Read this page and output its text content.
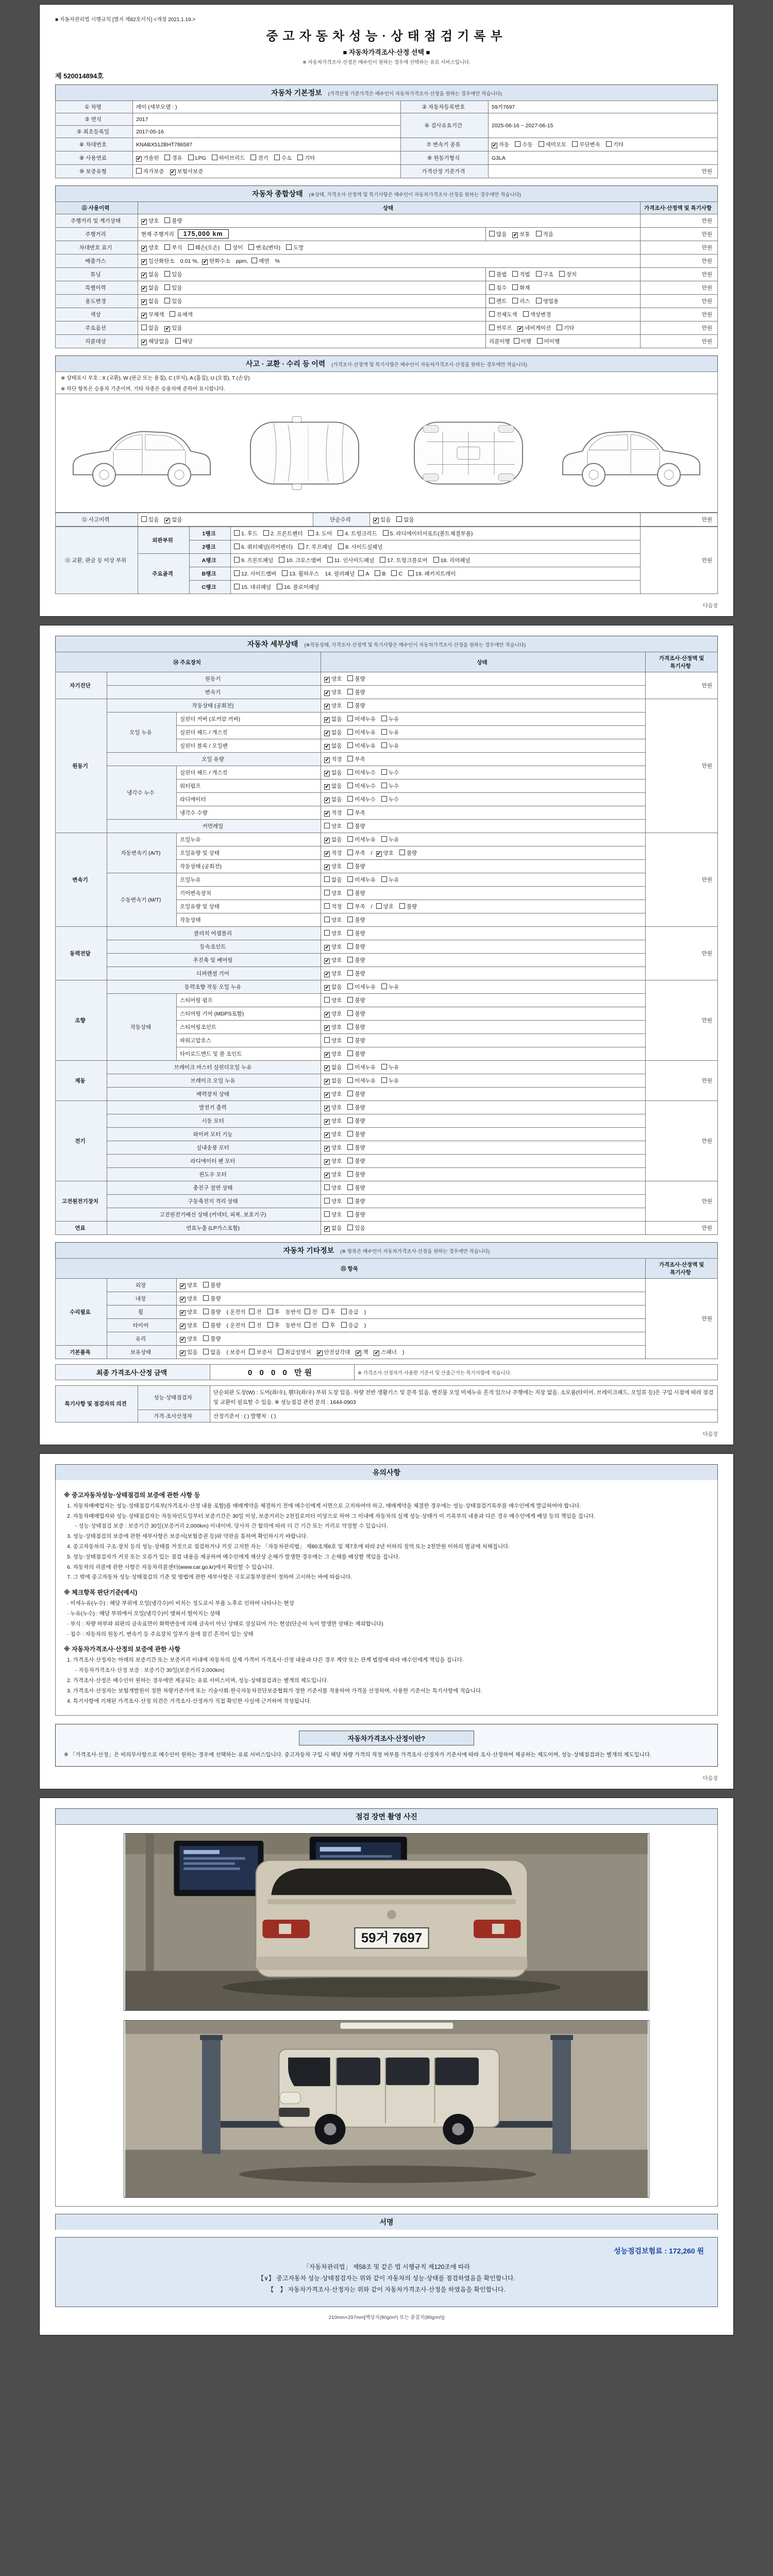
■ 자동차관리법 시행규칙 [별지 제82호서식] <개정 2021.1.19.>
중고자동차성능·상태점검기록부
■ 자동차가격조사·산정 선택 ■
※ 자동차가격조사·산정은 매수인이 원하는 경우에 선택하는 유료 서비스입니다.
제 520014894호
자동차 기본정보 (가격산정 기준가격은 매수인이 자동차가격조사·산정을 원하는 경우에만 적습니다)
① 차명	레이 (세부모델 : )	② 자동차등록번호	59거7697
③ 연식	2017	④ 검사유효기간	2025-06-16 ~ 2027-06-15
⑤ 최초등록일	2017-05-16		
⑥ 차대번호	KNABX512BHT786587	⑦ 변속기 종류	✔ 자동 수동 세미오토 무단변속 기타
⑧ 사용연료	✔ 가솔린 경유 LPG 하이브리드 전기 수소 기타	⑨ 원동기형식	G3LA
⑩ 보증유형	자가보증 ✔ 보험사보증	가격산정 기준가격	만원
자동차 종합상태 (※상태, 가격조사·산정액 및 특기사항은 매수인이 자동차가격조사·산정을 원하는 경우에만 적습니다)
⑪ 사용이력	상태		가격조사·산정액 및 특기사항
주행거리 및 계기상태	✔ 양호 불량		만원
주행거리	현재 주행거리 175,000 km	많음 ✔ 보통 적음	만원
차대번호 표기	✔ 양호 부식 훼손(오손) 상이 변조(변타) 도말		만원
배출가스	✔ 일산화탄소 0.01 %, ✔ 탄화수소 ppm, 매연 %		만원
튜닝	✔ 없음 있음	불법 적법 구조 장치	만원
특별이력	✔ 없음 있음	침수 화재	만원
용도변경	✔ 없음 있음	렌트 리스 영업용	만원
색상	✔ 무채색 유채색	전체도색 색상변경	만원
주요옵션	없음 ✔ 있음	썬루프 ✔ 네비게이션 기타	만원
리콜대상	✔ 해당없음 해당	리콜이행 이행 미이행	만원
사고 · 교환 · 수리 등 이력 (가격조사·산정액 및 특기사항은 매수인이 자동차가격조사·산정을 원하는 경우에만 적습니다)
※ 상태표시 부호 : X (교환), W (판금 또는 용접), C (부식), A (흠집), U (요철), T (손상)
※ 하단 항목은 승용차 기준이며, 기타 차종은 승용차에 준하여 표시합니다.
⑫ 사고이력	있음 ✔ 없음	단순수리	✔ 있음 없음	만원
⑬ 교환, 판금 등 이상 부위	외판부위	1랭크	1. 후드 2. 프론트펜더 3. 도어 4. 트렁크리드 5. 라디에이터서포트(볼트체결부품)	만원
		2랭크	6. 쿼터패널(리어펜더) 7. 루프패널 8. 사이드실패널	
	주요골격	A랭크	9. 프론트패널 10. 크로스멤버 11. 인사이드패널 17. 트렁크플로어 18. 리어패널	
		B랭크	12. 사이드멤버 13. 휠하우스 14. 필러패널 A B C 19. 패키지트레이	
		C랭크	15. 대쉬패널 16. 플로어패널	
다음장
자동차 세부상태 (※작동상태, 가격조사·산정액 및 특기사항은 매수인이 자동차가격조사·산정을 원하는 경우에만 적습니다)
⑭ 주요장치			상태	가격조사·산정액 및 특기사항
자기진단	원동기		✔ 양호 불량	만원
	변속기		✔ 양호 불량	
원동기	작동상태 (공회전)		✔ 양호 불량	만원
	오일 누유	실린더 커버 (로커암 커버)	✔ 없음 미세누유 누유	
		실린더 헤드 / 개스킷	✔ 없음 미세누유 누유	
		실린더 블록 / 오일팬	✔ 없음 미세누유 누유	
	오일 유량		✔ 적정 부족	
	냉각수 누수	실린더 헤드 / 개스킷	✔ 없음 미세누수 누수	
		워터펌프	✔ 없음 미세누수 누수	
		라디에이터	✔ 없음 미세누수 누수	
		냉각수 수량	✔ 적정 부족	
	커먼레일		양호 불량	
변속기	자동변속기 (A/T)	오일누유	✔ 없음 미세누유 누유	만원
		오일유량 및 상태	✔ 적정 부족 / ✔ 양호 불량	
		작동상태 (공회전)	✔ 양호 불량	
	수동변속기 (M/T)	오일누유	없음 미세누유 누유	
		기어변속장치	양호 불량	
		오일유량 및 상태	적정 부족 / 양호 불량	
		작동상태	양호 불량	
동력전달	클러치 어셈블리		양호 불량	만원
	등속조인트		✔ 양호 불량	
	추진축 및 베어링		✔ 양호 불량	
	디퍼렌셜 기어		✔ 양호 불량	
조향	동력조향 작동 오일 누유		✔ 없음 미세누유 누유	만원
	작동상태	스티어링 펌프	양호 불량	
		스티어링 기어 (MDPS포함)	✔ 양호 불량	
		스티어링조인트	✔ 양호 불량	
		파워고압호스	양호 불량	
		타이로드엔드 및 볼 조인트	✔ 양호 불량	
제동	브레이크 마스터 실린더오일 누유		✔ 없음 미세누유 누유	만원
	브레이크 오일 누유		✔ 없음 미세누유 누유	
	배력장치 상태		✔ 양호 불량	
전기	발전기 출력		✔ 양호 불량	만원
	시동 모터		✔ 양호 불량	
	와이퍼 모터 기능		✔ 양호 불량	
	실내송풍 모터		✔ 양호 불량	
	라디에이터 팬 모터		✔ 양호 불량	
	윈도우 모터		✔ 양호 불량	
고전원전기장치	충전구 절연 상태		양호 불량	만원
	구동축전지 격리 상태		양호 불량	
	고전원전기배선 상태 (커넥터, 피복, 보호기구)		양호 불량	
연료	연료누출 (LP가스포함)		✔ 없음 있음	만원
자동차 기타정보 (※ 항목은 매수인이 자동차가격조사·산정을 원하는 경우에만 적습니다)
⑮ 항목			가격조사·산정액 및 특기사항
수리필요	외장	✔ 양호 불량	만원
	내장	✔ 양호 불량	
	휠	✔ 양호 불량 ( 운전석 전 후 동반석 전 후 응급 )	
	타이어	✔ 양호 불량 ( 운전석 전 후 동반석 전 후 응급 )	
	유리	✔ 양호 불량	
기본품목	보유상태	✔ 있음 없음 ( 보증서 보증서 취급설명서 ✔ 안전삼각대 ✔ 잭 ✔ 스패너 )	
최종 가격조사·산정 금액	0 0 0 0 만원	※ 가격조사·산정자가 사용한 기준서 및 산출근거는 특기사항에 적습니다.
특기사항 및 점검자의 의견	성능·상태점검자	단순외판 도장(W) : 도어(좌/우), 휀다(좌/우) 부위 도장 있음. 차량 전반 생활기스 및 문콕 있음. 엔진룸 오일 미세누유 흔적 있으나 주행에는 지장 없음. 소모품(타이어, 브레이크패드, 오일류 등)은 구입 시점에 따라 점검 및 교환이 필요할 수 있음. ※ 성능점검 관련 문의 : 1644-0903
	가격·조사산정자	산정기준서 : ( ) 발행처 : ( )
다음장
유의사항
※ 중고자동차성능·상태점검의 보증에 관한 사항 등
1. 자동차매매업자는 성능·상태점검기록부(가격조사·산정 내용 포함)를 매매계약을 체결하기 전에 매수인에게 서면으로 고지하여야 하고, 매매계약을 체결한 경우에는 성능·상태점검기록부를 매수인에게 발급하여야 합니다.
2. 자동차매매업자와 성능·상태점검자는 자동차인도일부터 보증기간은 30일 이상, 보증거리는 2천킬로미터 이상으로 하여 그 이내에 자동차의 실제 성능·상태가 이 기록부의 내용과 다른 경우 매수인에게 배상 등의 책임을 집니다.
- 성능·상태점검 보증 : 보증기간 30일(보증거리 2,000km) 이내이며, 당사자 간 합의에 따라 더 긴 기간 또는 거리로 약정할 수 있습니다.
3. 성능·상태점검의 보증에 관한 세부사항은 보증서(보험증권 등)와 약관을 통하여 확인하시기 바랍니다.
4. 중고자동차의 구조·장치 등의 성능·상태를 거짓으로 점검하거나 거짓 고지한 자는 「자동차관리법」 제80조제6호 및 제7호에 따라 2년 이하의 징역 또는 2천만원 이하의 벌금에 처해집니다.
5. 성능·상태점검자가 거짓 또는 오류가 있는 점검 내용을 제공하여 매수인에게 재산상 손해가 발생한 경우에는 그 손해를 배상할 책임을 집니다.
6. 자동차의 리콜에 관한 사항은 자동차리콜센터(www.car.go.kr)에서 확인할 수 있습니다.
7. 그 밖에 중고자동차 성능·상태점검의 기준 및 방법에 관한 세부사항은 국토교통부장관이 정하여 고시하는 바에 따릅니다.
※ 체크항목 판단기준(예시)
· 미세누유(누수) : 해당 부위에 오일(냉각수)이 비치는 정도로서 부품 노후로 인하여 나타나는 현상
· 누유(누수) : 해당 부위에서 오일(냉각수)이 맺혀서 떨어지는 상태
· 부식 : 차량 하부와 외판의 금속표면이 화학반응에 의해 금속이 아닌 상태로 상실되어 가는 현상(단순히 녹이 발생한 상태는 제외합니다)
· 침수 : 자동차의 원동기, 변속기 등 주요장치 일부가 물에 잠긴 흔적이 있는 상태
※ 자동차가격조사·산정의 보증에 관한 사항
1. 가격조사·산정자는 아래의 보증기간 또는 보증거리 이내에 자동차의 실제 가격이 가격조사·산정 내용과 다른 경우 계약 또는 관계 법령에 따라 매수인에게 책임을 집니다.
- 자동차가격조사·산정 보증 : 보증기간 30일(보증거리 2,000km)
2. 가격조사·산정은 매수인이 원하는 경우에만 제공되는 유료 서비스이며, 성능·상태점검과는 별개의 제도입니다.
3. 가격조사·산정자는 보험개발원이 정한 차량기준가액 또는 기술사회·한국자동차진단보증협회가 정한 기준서를 적용하여 가격을 산정하며, 사용한 기준서는 특기사항에 적습니다.
4. 특기사항에 기재된 가격조사·산정 의견은 가격조사·산정자가 직접 확인한 사실에 근거하여 작성됩니다.
자동차가격조사·산정이란?
※ 「가격조사·산정」은 비의무사항으로 매수인이 원하는 경우에 선택하는 유료 서비스입니다. 중고자동차 구입 시 해당 차량 가격의 적정 여부를 가격조사·산정자가 기준서에 따라 조사·산정하여 제공하는 제도이며, 성능·상태점검과는 별개의 제도입니다.
다음장
점검 장면 촬영 사진
59거 7697
서명
성능점검보험료 : 172,260 원
「자동차관리법」 제58조 및 같은 법 시행규칙 제120조에 따라
【∨】 중고자동차 성능·상태점검자는 위와 같이 자동차의 성능·상태를 점검하였음을 확인합니다.
【　】 자동차가격조사·산정자는 위와 같이 자동차가격조사·산정을 하였음을 확인합니다.
210mm×297mm[백상지(80g/m²) 또는 중질지(80g/m²)]
